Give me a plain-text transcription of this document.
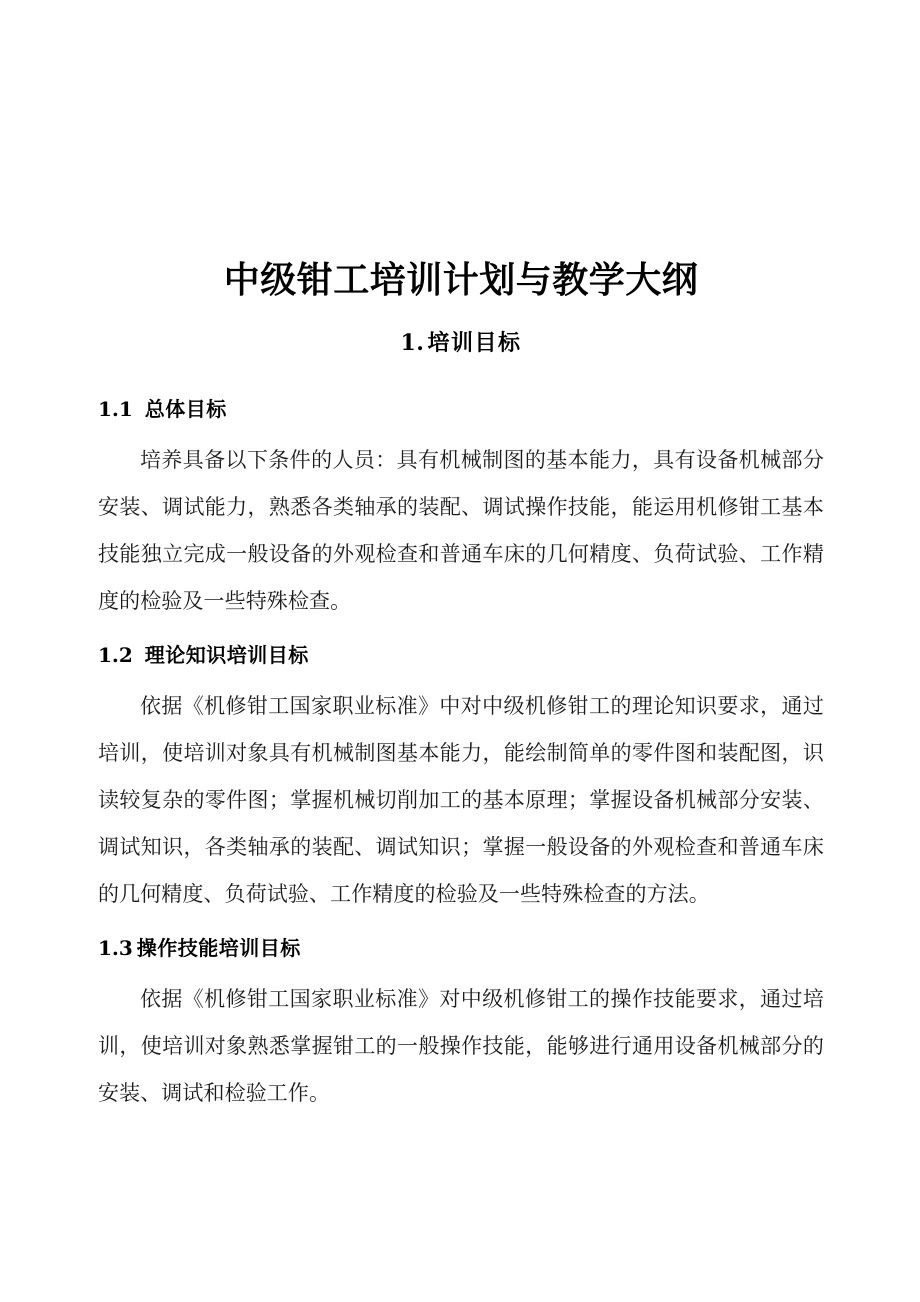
中级钳工培训计划与教学大纲
1. 培训目标
1.1 总体目标

培养具备以下条件的人员：具有机械制图的基本能力，具有设备机械部分安装、调试能力，熟悉各类轴承的装配、调试操作技能，能运用机修钳工基本技能独立完成一般设备的外观检查和普通车床的几何精度、负荷试验、工作精度的检验及一些特殊检查。

1.2 理论知识培训目标

依据《机修钳工国家职业标准》中对中级机修钳工的理论知识要求，通过培训，使培训对象具有机械制图基本能力，能绘制简单的零件图和装配图，识读较复杂的零件图；掌握机械切削加工的基本原理；掌握设备机械部分安装、调试知识，各类轴承的装配、调试知识；掌握一般设备的外观检查和普通车床的几何精度、负荷试验、工作精度的检验及一些特殊检查的方法。

1.3 操作技能培训目标

依据《机修钳工国家职业标准》对中级机修钳工的操作技能要求，通过培训，使培训对象熟悉掌握钳工的一般操作技能，能够进行通用设备机械部分的安装、调试和检验工作。
